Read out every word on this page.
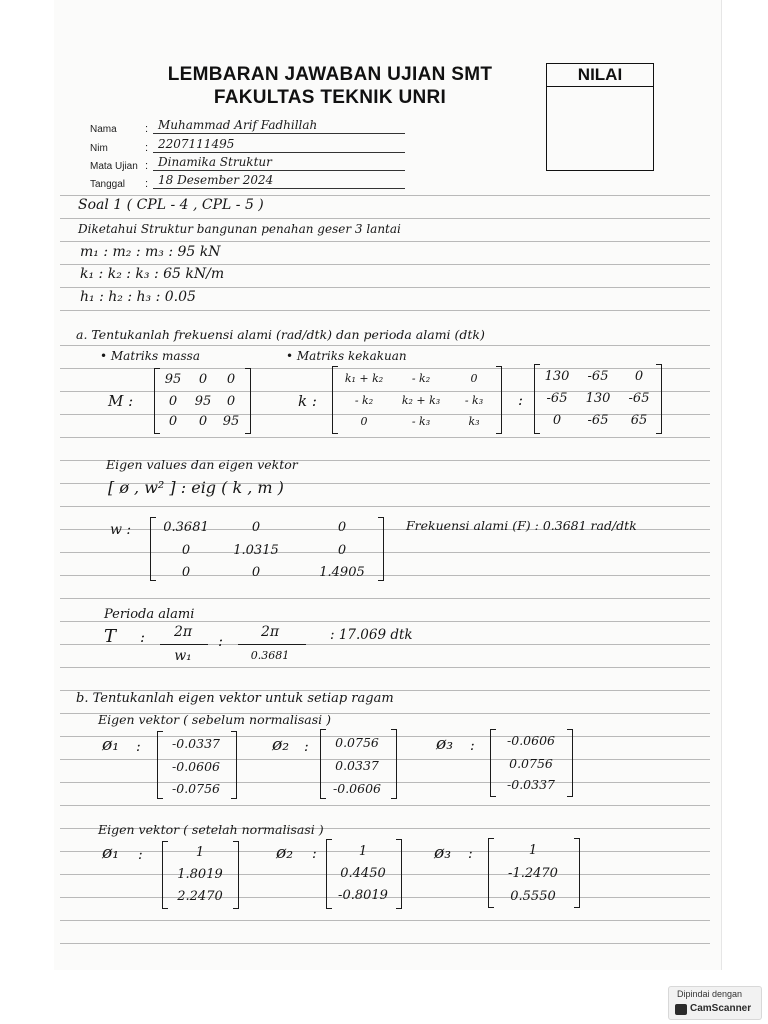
LEMBARAN JAWABAN UJIAN SMT
FAKULTAS TEKNIK UNRI
NILAI
Nama	: Muhammad Arif Fadhillah
Nim	: 2207111495
Mata Ujian : Dinamika Struktur
Tanggal : 18 Desember 2024
Soal 1 ( CPL - 4 , CPL - 5 )
Diketahui Struktur bangunan penahan geser 3 lantai
m₁ : m₂ : m₃ : 95 kN
k₁ : k₂ : k₃ : 65 kN/m
h₁ : h₂ : h₃ : 0.05
a. Tentukanlah frekuensi alami (rad/dtk) dan perioda alami (dtk)
• Matriks massa	• Matriks kekakuan
M :
95	0	0
0	95	0
0	0	95
k :
k₁ + k₂	- k₂	0
- k₂	k₂ + k₃	- k₃
0	- k₃	k₃
:
130	-65	0
-65	130	-65
0	-65	65
Eigen values dan eigen vektor
[ ø , w² ] : eig ( k , m )
w :	0.3681	0	0
0	1.0315	0
0	0	1.4905
Frekuensi alami (F) : 0.3681 rad/dtk
Perioda alami
T :	2π
w₁
:	2π
0.3681
: 17.069 dtk
b. Tentukanlah eigen vektor untuk setiap ragam
Eigen vektor ( sebelum normalisasi )
ø₁ :	-0.0337
-0.0606
-0.0756
ø₂ :	0.0756
0.0337
-0.0606
ø₃ :	-0.0606
0.0756
-0.0337
Eigen vektor ( setelah normalisasi )
ø₁ :	1
1.8019
2.2470
ø₂ :	1
0.4450
-0.8019
ø₃ :	1
-1.2470
0.5550
Dipindai dengan
CamScanner
